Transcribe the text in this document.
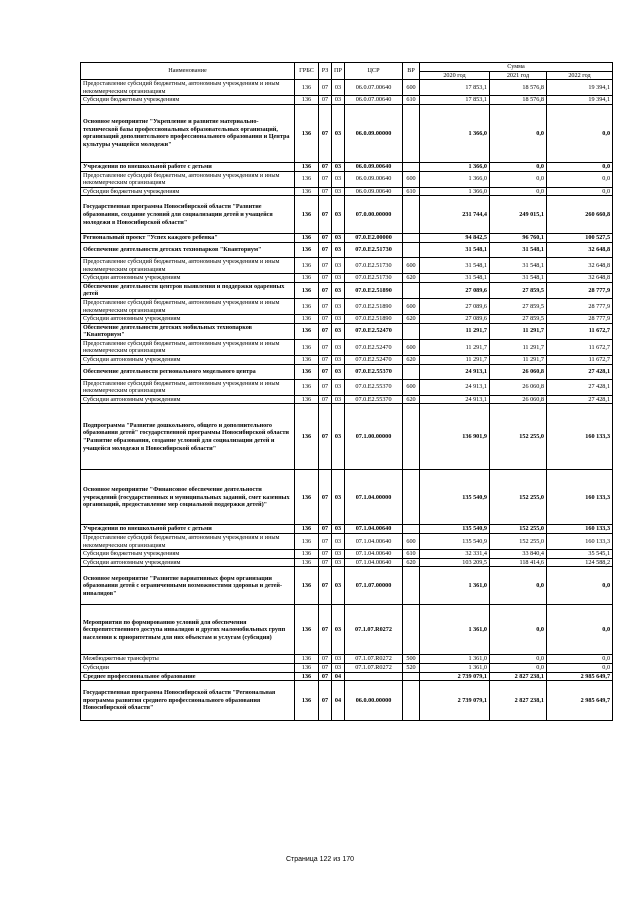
Наименование	ГРБС	РЗ	ПР	ЦСР	ВР	Сумма		
						2020 год	2021 год	2022 год
Предоставление субсидий бюджетным, автономным учреждениям и иным некоммерческим организациям	136	07	03	06.0.07.00640	600	17 853,1	18 576,8	19 394,1
Субсидии бюджетным учреждениям	136	07	03	06.0.07.00640	610	17 853,1	18 576,8	19 394,1
Основное мероприятие "Укрепление и развитие материально-технической базы профессиональных образовательных организаций, организаций дополнительного профессионального образования и Центра культуры учащейся молодежи"	136	07	03	06.0.09.00000		1 366,0	0,0	0,0
Учреждения по внешкольной работе с детьми	136	07	03	06.0.09.00640		1 366,0	0,0	0,0
Предоставление субсидий бюджетным, автономным учреждениям и иным некоммерческим организациям	136	07	03	06.0.09.00640	600	1 366,0	0,0	0,0
Субсидии бюджетным учреждениям	136	07	03	06.0.09.00640	610	1 366,0	0,0	0,0
Государственная программа Новосибирской области "Развитие образования, создание условий для социализации детей и учащейся молодежи в Новосибирской области"	136	07	03	07.0.00.00000		231 744,4	249 015,1	260 660,8
Региональный проект "Успех каждого ребенка"	136	07	03	07.0.E2.00000		94 842,5	96 760,1	100 527,5
Обеспечение деятельности детских технопарков "Кванториум"	136	07	03	07.0.E2.51730		31 548,1	31 548,1	32 648,8
Предоставление субсидий бюджетным, автономным учреждениям и иным некоммерческим организациям	136	07	03	07.0.E2.51730	600	31 548,1	31 548,1	32 648,8
Субсидии автономным учреждениям	136	07	03	07.0.E2.51730	620	31 548,1	31 548,1	32 648,8
Обеспечение деятельности центров выявления и поддержки одаренных детей	136	07	03	07.0.E2.51890		27 089,6	27 859,5	28 777,9
Предоставление субсидий бюджетным, автономным учреждениям и иным некоммерческим организациям	136	07	03	07.0.E2.51890	600	27 089,6	27 859,5	28 777,9
Субсидии автономным учреждениям	136	07	03	07.0.E2.51890	620	27 089,6	27 859,5	28 777,9
Обеспечение деятельности детских мобильных технопарков "Кванториум"	136	07	03	07.0.E2.52470		11 291,7	11 291,7	11 672,7
Предоставление субсидий бюджетным, автономным учреждениям и иным некоммерческим организациям	136	07	03	07.0.E2.52470	600	11 291,7	11 291,7	11 672,7
Субсидии автономным учреждениям	136	07	03	07.0.E2.52470	620	11 291,7	11 291,7	11 672,7
Обеспечение деятельности регионального модельного центра	136	07	03	07.0.E2.55370		24 913,1	26 060,8	27 428,1
Предоставление субсидий бюджетным, автономным учреждениям и иным некоммерческим организациям	136	07	03	07.0.E2.55370	600	24 913,1	26 060,8	27 428,1
Субсидии автономным учреждениям	136	07	03	07.0.E2.55370	620	24 913,1	26 060,8	27 428,1
Подпрограмма "Развитие дошкольного, общего и дополнительного образования детей" государственной программы Новосибирской области "Развитие образования, создание условий для социализации детей и учащейся молодежи в Новосибирской области"	136	07	03	07.1.00.00000		136 901,9	152 255,0	160 133,3
Основное мероприятие "Финансовое обеспечение деятельности учреждений (государственных и муниципальных заданий, смет казенных организаций, предоставление мер социальной поддержки детей)"	136	07	03	07.1.04.00000		135 540,9	152 255,0	160 133,3
Учреждения по внешкольной работе с детьми	136	07	03	07.1.04.00640		135 540,9	152 255,0	160 133,3
Предоставление субсидий бюджетным, автономным учреждениям и иным некоммерческим организациям	136	07	03	07.1.04.00640	600	135 540,9	152 255,0	160 133,3
Субсидии бюджетным учреждениям	136	07	03	07.1.04.00640	610	32 331,4	33 840,4	35 545,1
Субсидии автономным учреждениям	136	07	03	07.1.04.00640	620	103 209,5	118 414,6	124 588,2
Основное мероприятие "Развитие вариативных форм организации образования детей с ограниченными возможностями здоровья и детей-инвалидов"	136	07	03	07.1.07.00000		1 361,0	0,0	0,0
Мероприятия по формированию условий для обеспечения беспрепятственного доступа инвалидов и других маломобильных групп населения к приоритетным для них объектам и услугам (субсидия)	136	07	03	07.1.07.R0272		1 361,0	0,0	0,0
Межбюджетные трансферты	136	07	03	07.1.07.R0272	500	1 361,0	0,0	0,0
Субсидии	136	07	03	07.1.07.R0272	520	1 361,0	0,0	0,0
Среднее профессиональное образование	136	07	04			2 739 079,1	2 827 238,1	2 985 649,7
Государственная программа Новосибирской области "Региональная программа развития среднего профессионального образования Новосибирской области"	136	07	04	06.0.00.00000		2 739 079,1	2 827 238,1	2 985 649,7
Страница 122 из 170
